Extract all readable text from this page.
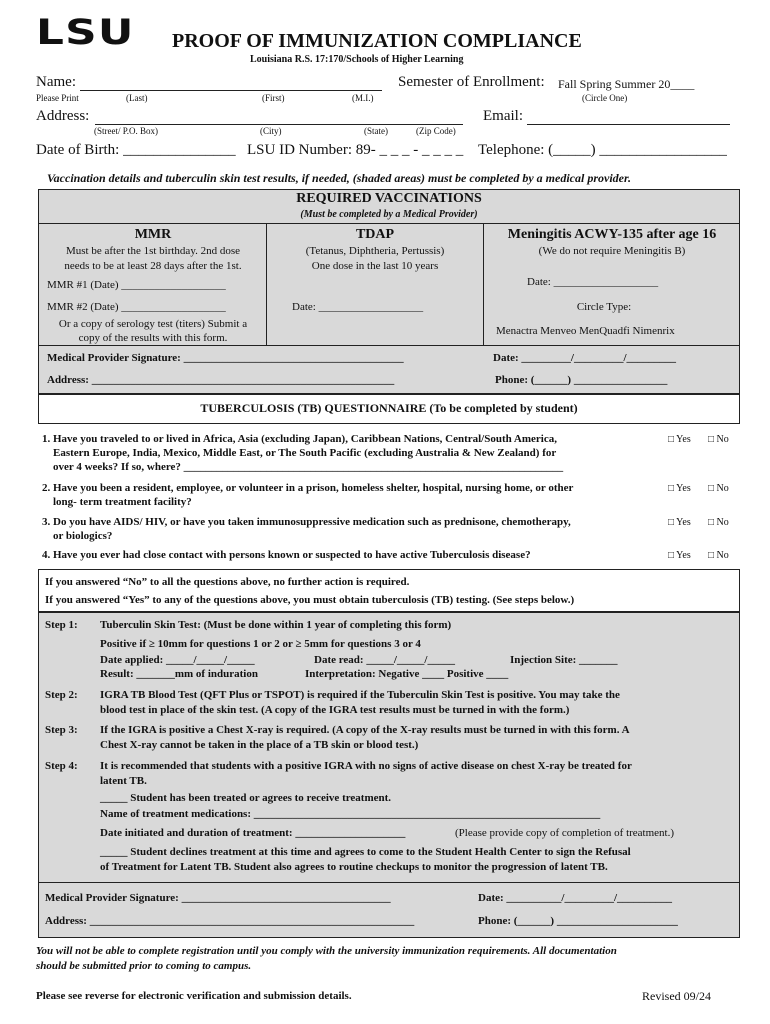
LSU PROOF OF IMMUNIZATION COMPLIANCE
Louisiana R.S. 17:170/Schools of Higher Learning
Name:	Semester of Enrollment: Fall Spring Summer 20____
Please Print	(Last)	(First)	(M.I.)	(Circle One)
Address:	Email:
(Street/ P.O. Box)	(City)	(State)	(Zip Code)
Date of Birth: _______________ LSU ID Number: 89- _ _ _ - _ _ _ _ Telephone: (_____) _________________
Vaccination details and tuberculin skin test results, if needed, (shaded areas) must be completed by a medical provider.
REQUIRED VACCINATIONS
(Must be completed by a Medical Provider)
MMR
Must be after the 1st birthday. 2nd dose
needs to be at least 28 days after the 1st.
MMR #1 (Date) ___________________
MMR #2 (Date) ___________________
Or a copy of serology test (titers) Submit a
copy of the results with this form.
TDAP
(Tetanus, Diphtheria, Pertussis)
One dose in the last 10 years
Date: ___________________
Meningitis ACWY-135 after age 16
(We do not require Meningitis B)
Date: ___________________
Circle Type:
Menactra Menveo MenQuadfi Nimenrix
Medical Provider Signature: ________________________________________	Date: _________/_________/_________
Address: _______________________________________________________	Phone: (______) _________________
TUBERCULOSIS (TB) QUESTIONNAIRE (To be completed by student)
1. Have you traveled to or lived in Africa, Asia (excluding Japan), Caribbean Nations, Central/South America,
Eastern Europe, India, Mexico, Middle East, or The South Pacific (excluding Australia & New Zealand) for
over 4 weeks? If so, where? _____________________________________________________________________
□ Yes □ No
2. Have you been a resident, employee, or volunteer in a prison, homeless shelter, hospital, nursing home, or other
long- term treatment facility?
□ Yes □ No
3. Do you have AIDS/ HIV, or have you taken immunosuppressive medication such as prednisone, chemotherapy,
or biologics?
□ Yes □ No
4. Have you ever had close contact with persons known or suspected to have active Tuberculosis disease?	□ Yes □ No
If you answered “No” to all the questions above, no further action is required.
If you answered “Yes” to any of the questions above, you must obtain tuberculosis (TB) testing. (See steps below.)
Step 1: Tuberculin Skin Test: (Must be done within 1 year of completing this form)
Positive if ≥ 10mm for questions 1 or 2 or ≥ 5mm for questions 3 or 4
Date applied: _____/_____/_____	Date read: _____/_____/_____	Injection Site: _______
Result: _______mm of induration	Interpretation: Negative ____ Positive ____
Step 2: IGRA TB Blood Test (QFT Plus or TSPOT) is required if the Tuberculin Skin Test is positive. You may take the
blood test in place of the skin test. (A copy of the IGRA test results must be turned in with the form.)
Step 3: If the IGRA is positive a Chest X-ray is required. (A copy of the X-ray results must be turned in with this form. A
Chest X-ray cannot be taken in the place of a TB skin or blood test.)
Step 4: It is recommended that students with a positive IGRA with no signs of active disease on chest X-ray be treated for
latent TB.
_____ Student has been treated or agrees to receive treatment.
Name of treatment medications: _______________________________________________________________
Date initiated and duration of treatment: ____________________	(Please provide copy of completion of treatment.)
_____ Student declines treatment at this time and agrees to come to the Student Health Center to sign the Refusal
of Treatment for Latent TB. Student also agrees to routine checkups to monitor the progression of latent TB.
Medical Provider Signature: ______________________________________	Date: __________/_________/__________
Address: ___________________________________________________________	Phone: (______) ______________________
You will not be able to complete registration until you comply with the university immunization requirements. All documentation
should be submitted prior to coming to campus.
Please see reverse for electronic verification and submission details.	Revised 09/24
